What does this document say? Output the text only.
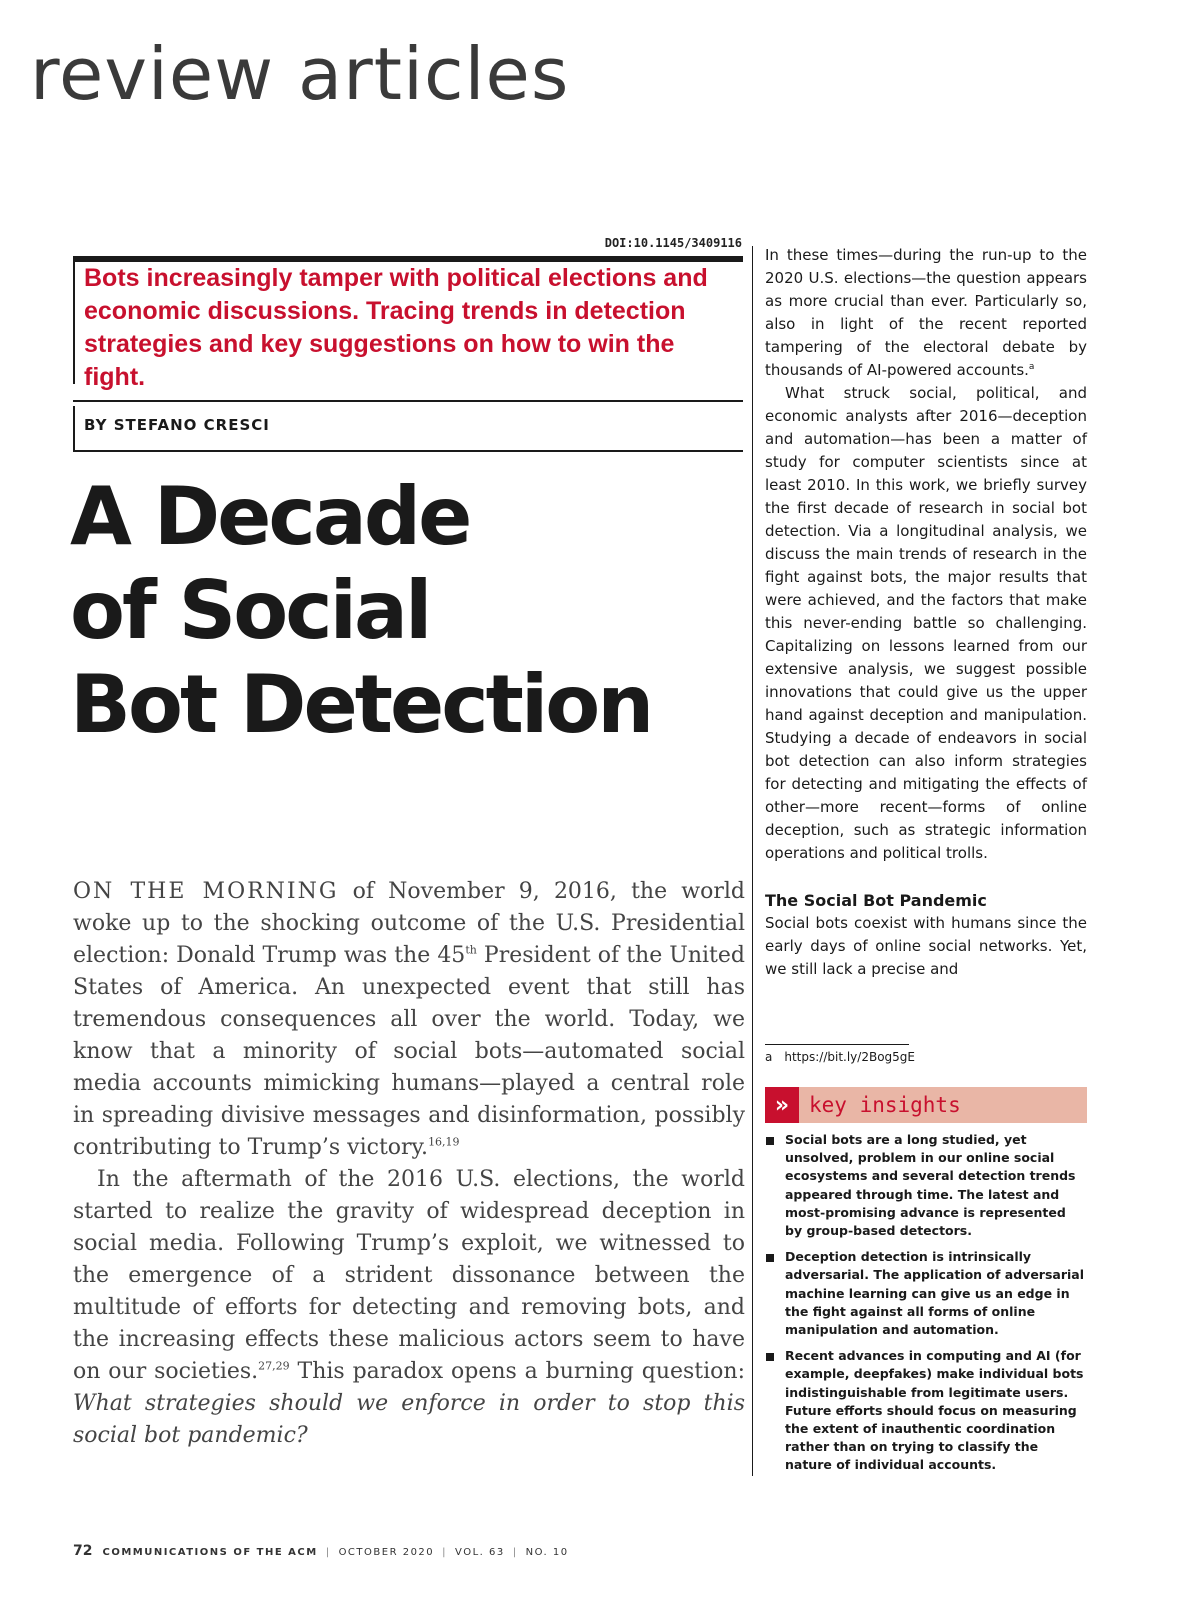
review articles
DOI:10.1145/3409116

Bots increasingly tamper with political elections and economic discussions. Tracing trends in detection strategies and key suggestions on how to win the fight.

BY STEFANO CRESCI
A Decade
of Social
Bot Detection

ON THE MORNING of November 9, 2016, the world woke up to the shocking outcome of the U.S. Presidential election: Donald Trump was the 45th President of the United States of America. An unexpected event that still has tremendous consequences all over the world. Today, we know that a minority of social bots—automated social media accounts mimicking humans—played a central role in spreading divisive messages and disinformation, possibly contributing to Trump’s victory.$^{16,19}$

In the aftermath of the 2016 U.S. elections, the world started to realize the gravity of widespread deception in social media. Following Trump’s exploit, we witnessed to the emergence of a strident dissonance between the multitude of efforts for detecting and removing bots, and the increasing effects these malicious actors seem to have on our societies.$^{27,29}$ This paradox opens a burning question: What strategies should we enforce in order to stop this social bot pandemic?

In these times—during the run-up to the 2020 U.S. elections—the question appears as more crucial than ever. Particularly so, also in light of the recent reported tampering of the electoral debate by thousands of AI-powered accounts.$^a$

What struck social, political, and economic analysts after 2016—deception and automation—has been a matter of study for computer scientists since at least 2010. In this work, we briefly survey the first decade of research in social bot detection. Via a longitudinal analysis, we discuss the main trends of research in the fight against bots, the major results that were achieved, and the factors that make this never-ending battle so challenging. Capitalizing on lessons learned from our extensive analysis, we suggest possible innovations that could give us the upper hand against deception and manipulation. Studying a decade of endeavors in social bot detection can also inform strategies for detecting and mitigating the effects of other—more recent—forms of online deception, such as strategic information operations and political trolls.

The Social Bot Pandemic

Social bots coexist with humans since the early days of online social networks. Yet, we still lack a precise and

a https://bit.ly/2Bog5gE
» key insights
Social bots are a long studied, yet unsolved, problem in our online social ecosystems and several detection trends appeared through time. The latest and most-promising advance is represented by group-based detectors.
Deception detection is intrinsically adversarial. The application of adversarial machine learning can give us an edge in the fight against all forms of online manipulation and automation.
Recent advances in computing and AI (for example, deepfakes) make individual bots indistinguishable from legitimate users. Future efforts should focus on measuring the extent of inauthentic coordination rather than on trying to classify the nature of individual accounts.
72 COMMUNICATIONS OF THE ACM | OCTOBER 2020 | VOL. 63 | NO. 10
